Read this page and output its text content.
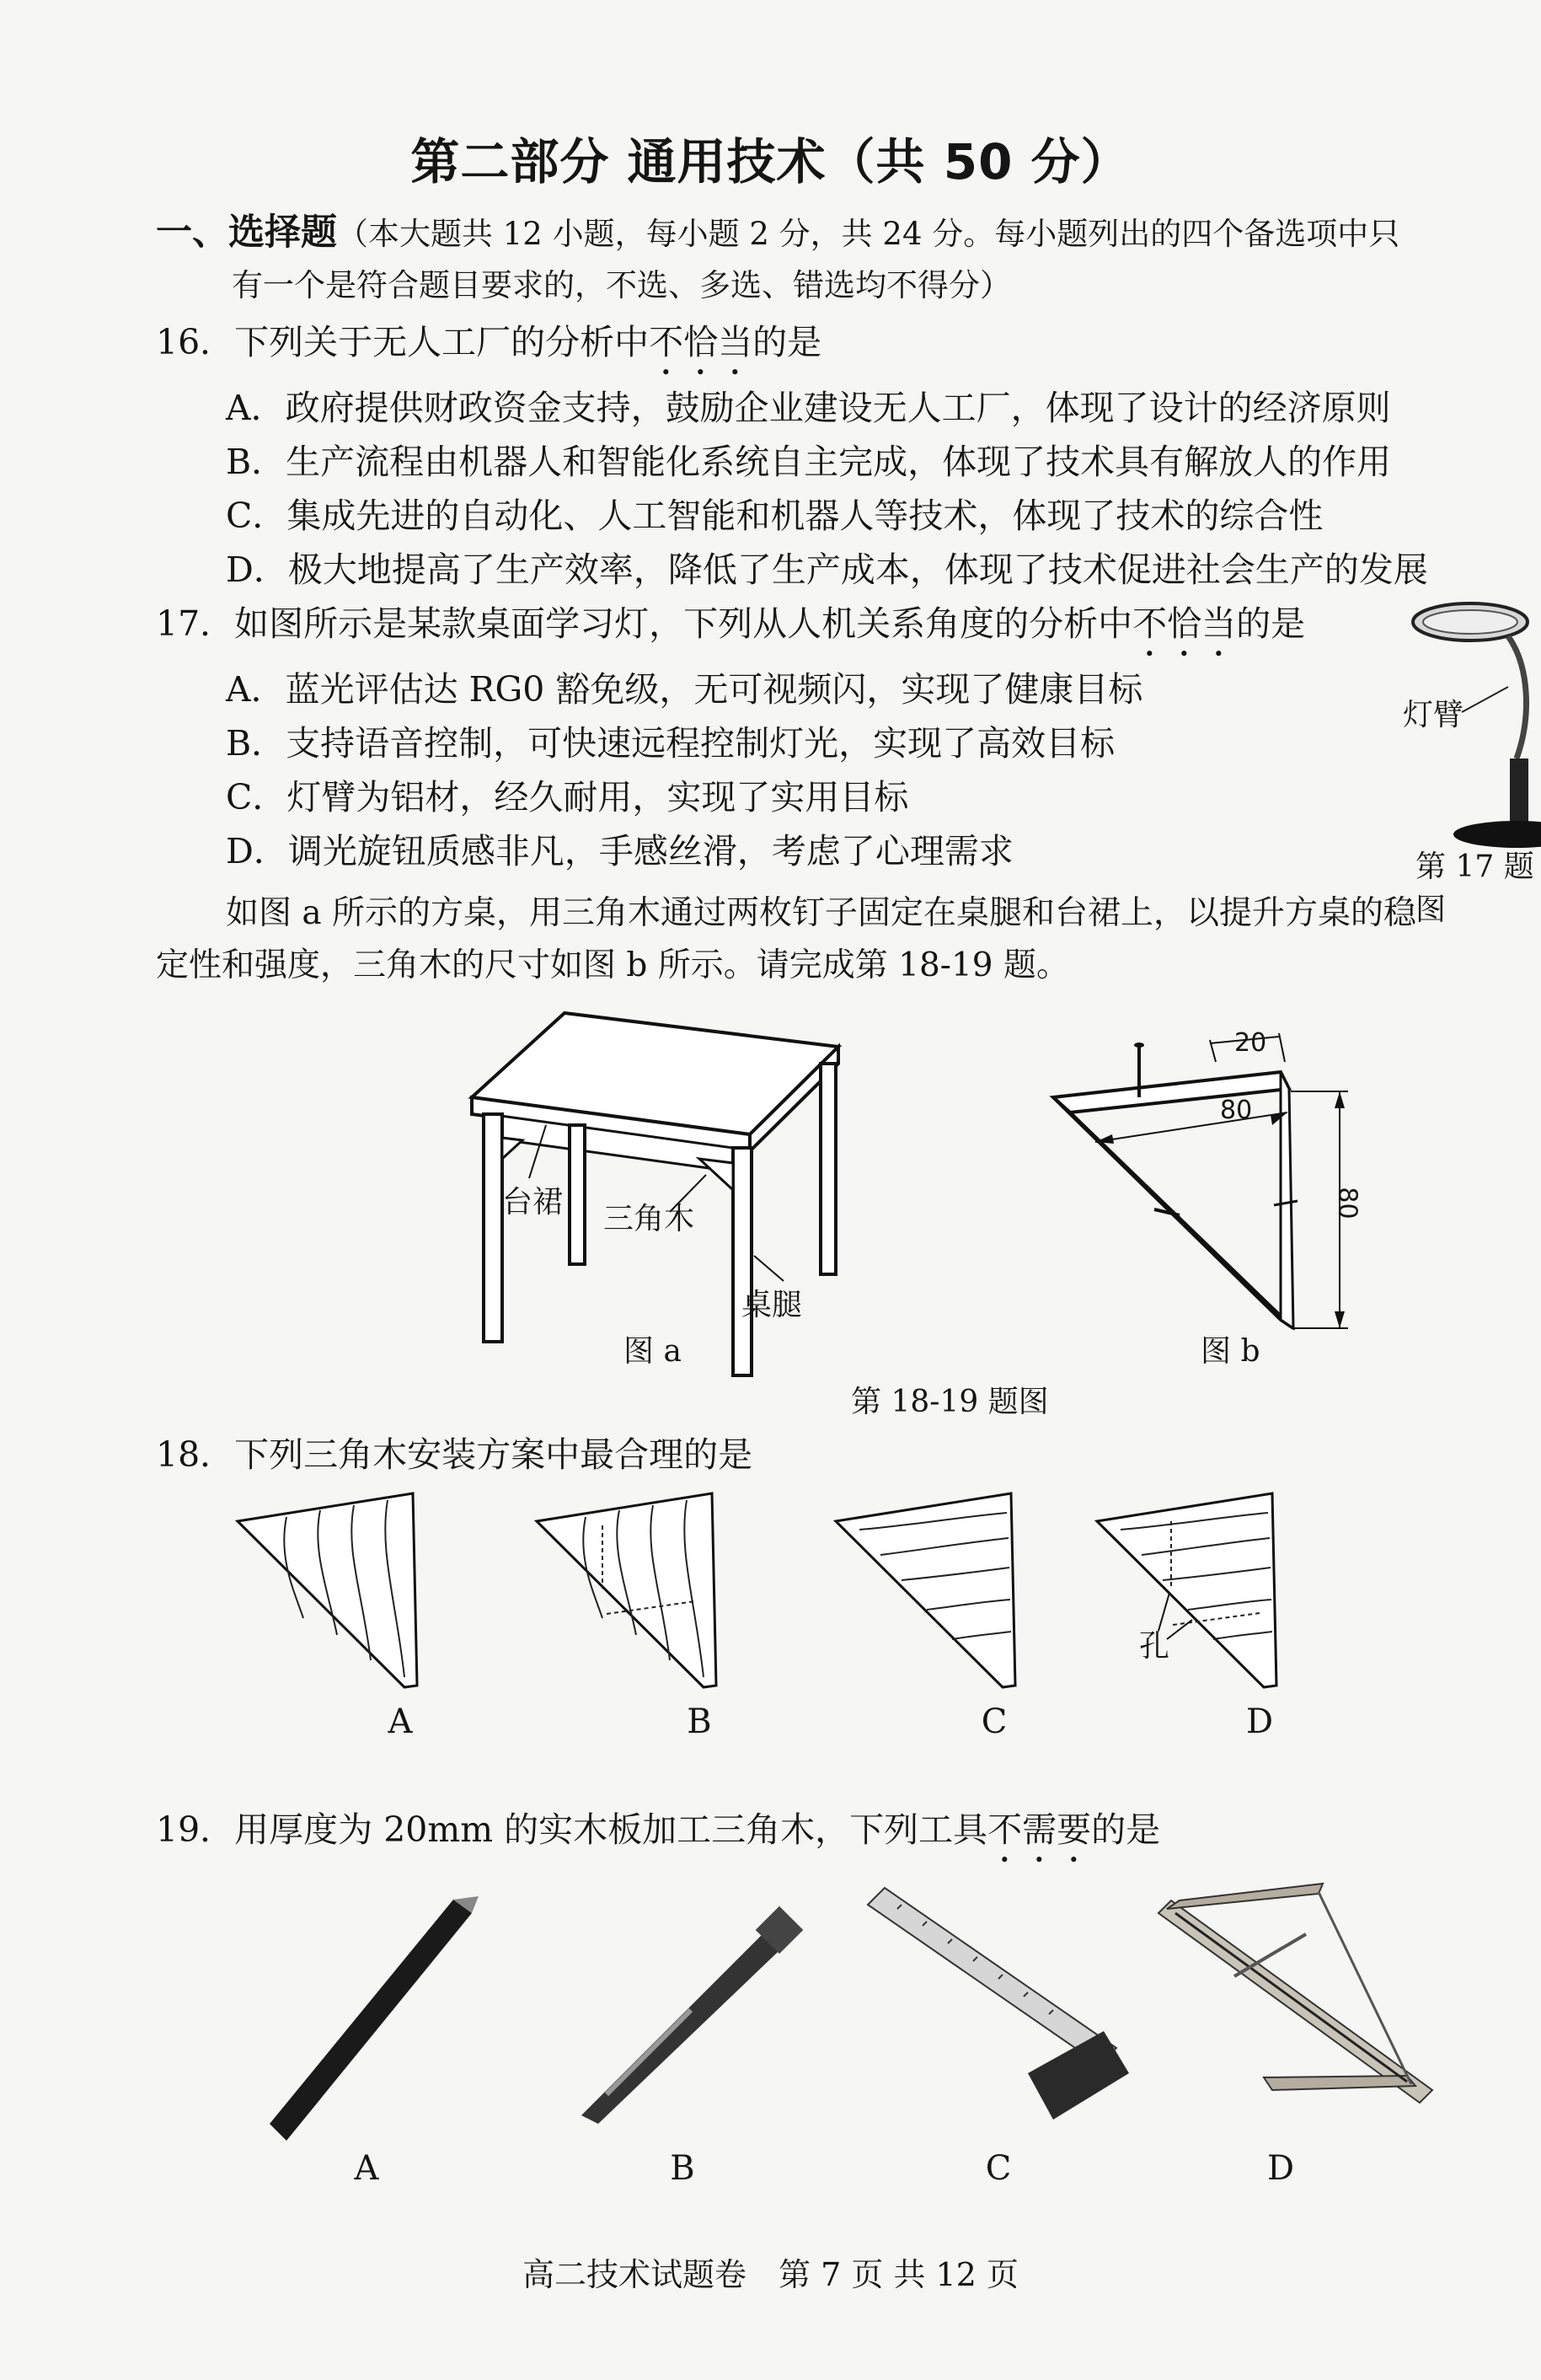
第二部分 通用技术（共 50 分）
一、选择题（本大题共 12 小题，每小题 2 分，共 24 分。每小题列出的四个备选项中只
有一个是符合题目要求的，不选、多选、错选均不得分）
16．下列关于无人工厂的分析中不恰当的是
A．政府提供财政资金支持，鼓励企业建设无人工厂，体现了设计的经济原则
B．生产流程由机器人和智能化系统自主完成，体现了技术具有解放人的作用
C．集成先进的自动化、人工智能和机器人等技术，体现了技术的综合性
D．极大地提高了生产效率，降低了生产成本，体现了技术促进社会生产的发展
17．如图所示是某款桌面学习灯，下列从人机关系角度的分析中不恰当的是
A．蓝光评估达 RG0 豁免级，无可视频闪，实现了健康目标
B．支持语音控制，可快速远程控制灯光，实现了高效目标
C．灯臂为铝材，经久耐用，实现了实用目标
D．调光旋钮质感非凡，手感丝滑，考虑了心理需求
灯臂
第 17 题图
如图 a 所示的方桌，用三角木通过两枚钉子固定在桌腿和台裙上，以提升方桌的稳
定性和强度，三角木的尺寸如图 b 所示。请完成第 18-19 题。
台裙 三角木
桌腿
图 a
20
80
80
图 b
第 18-19 题图
18．下列三角木安装方案中最合理的是
孔
A	B	C	D
19．用厚度为 20mm 的实木板加工三角木，下列工具不需要的是
A	B	C	D
高二技术试题卷　第 7 页 共 12 页
